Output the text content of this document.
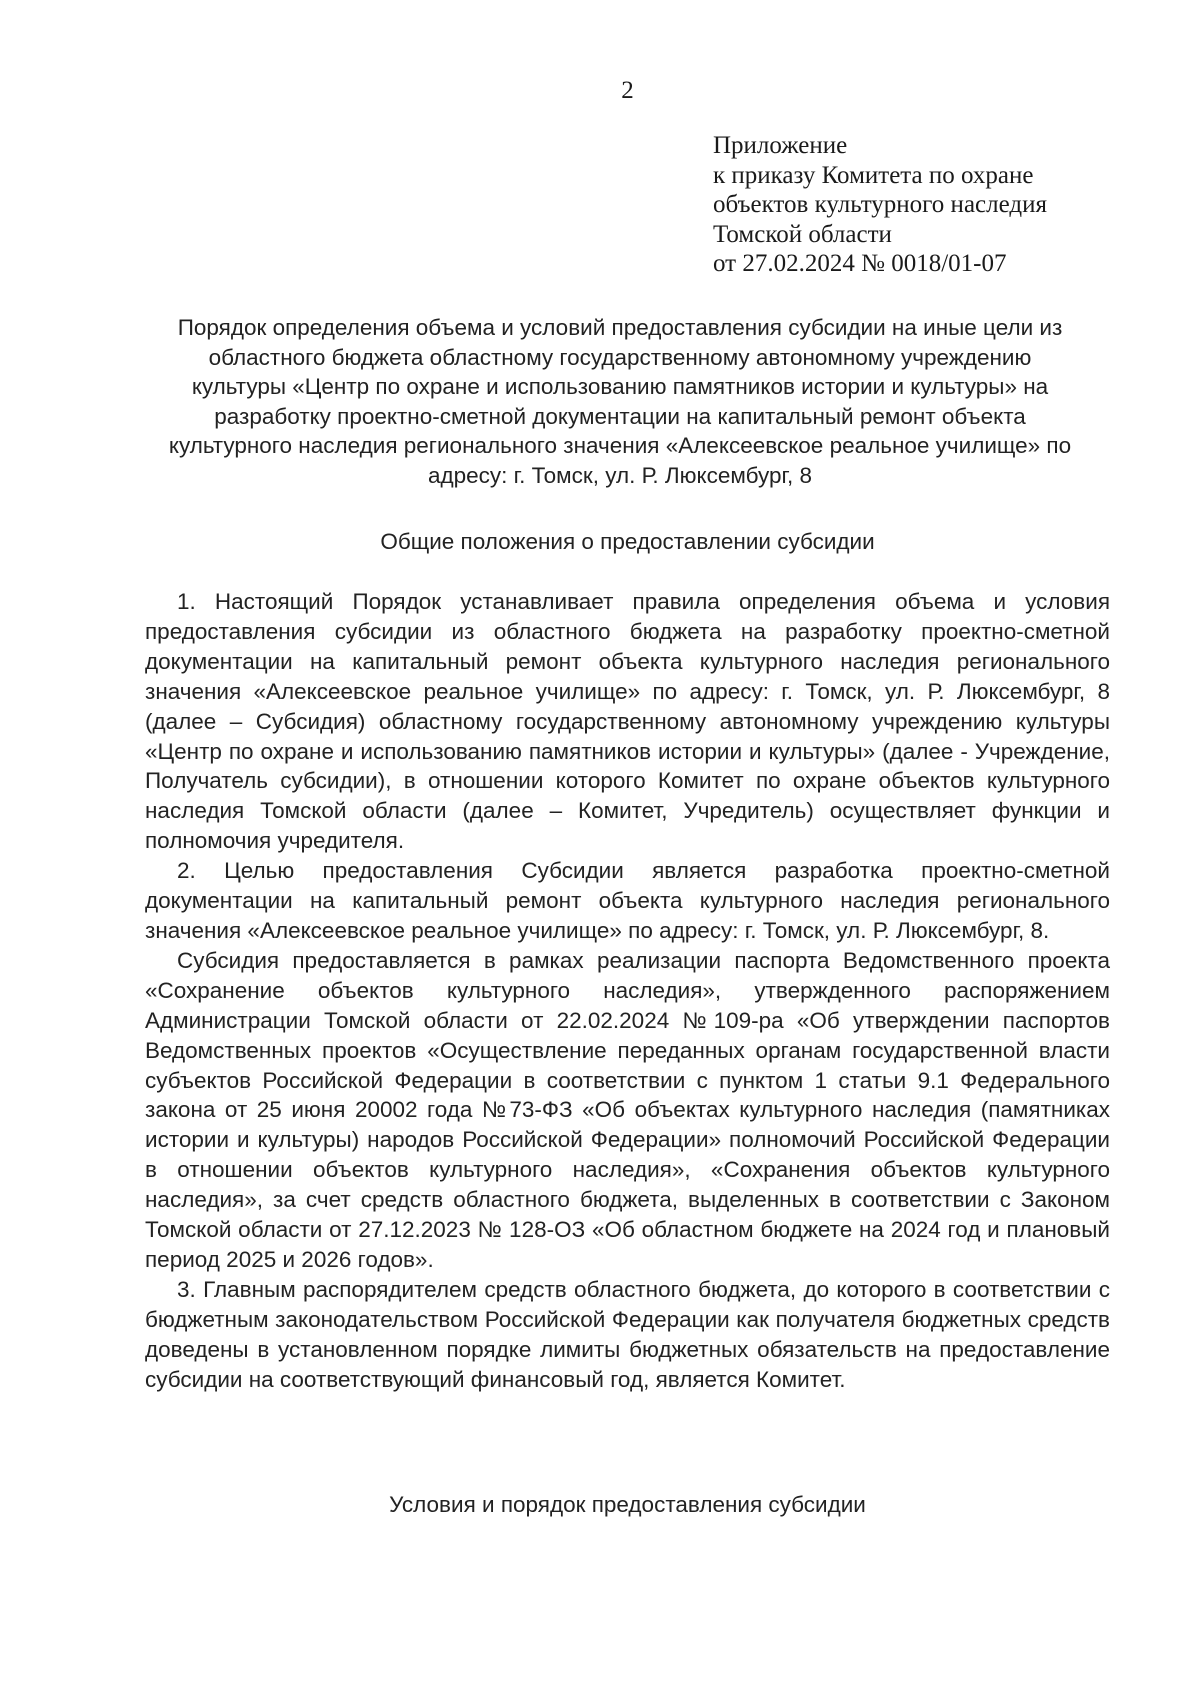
2
Приложение
к приказу Комитета по охране
объектов культурного наследия
Томской области
от 27.02.2024 № 0018/01-07
Порядок определения объема и условий предоставления субсидии на иные цели из
областного бюджета областному государственному автономному учреждению
культуры «Центр по охране и использованию памятников истории и культуры» на
разработку проектно-сметной документации на капитальный ремонт объекта
культурного наследия регионального значения «Алексеевское реальное училище» по
адресу: г. Томск, ул. Р. Люксембург, 8
Общие положения о предоставлении субсидии

1. Настоящий Порядок устанавливает правила определения объема и условия предоставления субсидии из областного бюджета на разработку проектно-сметной документации на капитальный ремонт объекта культурного наследия регионального значения «Алексеевское реальное училище» по адресу: г. Томск, ул. Р. Люксембург, 8 (далее – Субсидия) областному государственному автономному учреждению культуры «Центр по охране и использованию памятников истории и культуры» (далее - Учреждение, Получатель субсидии), в отношении которого Комитет по охране объектов культурного наследия Томской области (далее – Комитет, Учредитель) осуществляет функции и полномочия учредителя.

2. Целью предоставления Субсидии является разработка проектно-сметной документации на капитальный ремонт объекта культурного наследия регионального значения «Алексеевское реальное училище» по адресу: г. Томск, ул. Р. Люксембург, 8.

Субсидия предоставляется в рамках реализации паспорта Ведомственного проекта «Сохранение объектов культурного наследия», утвержденного распоряжением Администрации Томской области от 22.02.2024 №109-ра «Об утверждении паспортов Ведомственных проектов «Осуществление переданных органам государственной власти субъектов Российской Федерации в соответствии с пунктом 1 статьи 9.1 Федерального закона от 25 июня 20002 года №73-ФЗ «Об объектах культурного наследия (памятниках истории и культуры) народов Российской Федерации» полномочий Российской Федерации в отношении объектов культурного наследия», «Сохранения объектов культурного наследия», за счет средств областного бюджета, выделенных в соответствии с Законом Томской области от 27.12.2023 № 128-ОЗ «Об областном бюджете на 2024 год и плановый период 2025 и 2026 годов».

3. Главным распорядителем средств областного бюджета, до которого в соответствии с бюджетным законодательством Российской Федерации как получателя бюджетных средств доведены в установленном порядке лимиты бюджетных обязательств на предоставление субсидии на соответствующий финансовый год, является Комитет.

Условия и порядок предоставления субсидии
